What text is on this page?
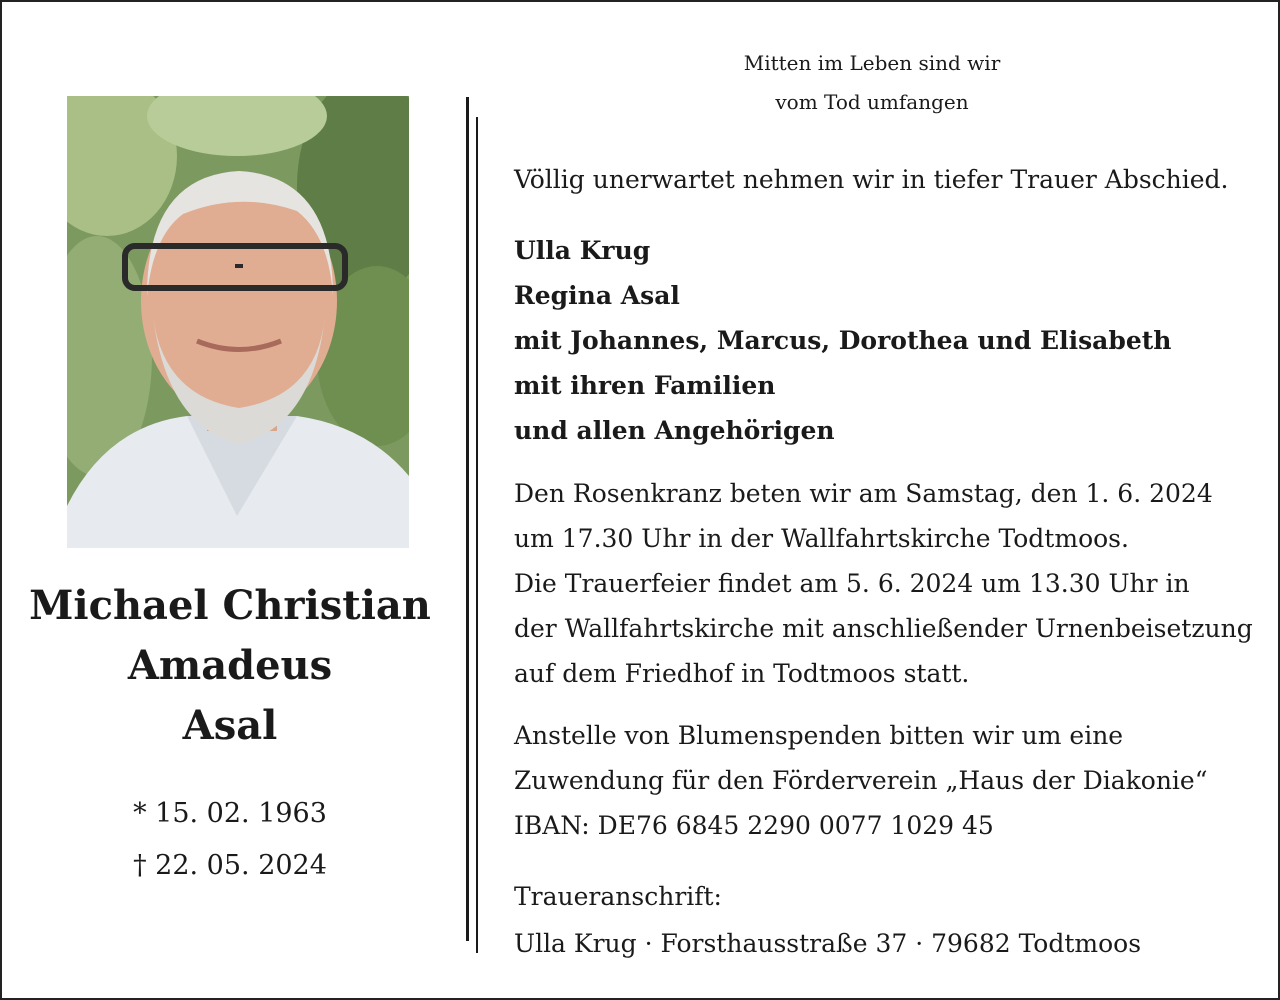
Michael Christian
Amadeus
Asal
* 15. 02. 1963
† 22. 05. 2024
Mitten im Leben sind wir
vom Tod umfangen
Völlig unerwartet nehmen wir in tiefer Trauer Abschied.
Ulla Krug
Regina Asal
mit Johannes, Marcus, Dorothea und Elisabeth
mit ihren Familien
und allen Angehörigen
Den Rosenkranz beten wir am Samstag, den 1. 6. 2024
um 17.30 Uhr in der Wallfahrtskirche Todtmoos.
Die Trauerfeier findet am 5. 6. 2024 um 13.30 Uhr in
der Wallfahrtskirche mit anschließender Urnenbeisetzung
auf dem Friedhof in Todtmoos statt.
Anstelle von Blumenspenden bitten wir um eine
Zuwendung für den Förderverein „Haus der Diakonie“
IBAN: DE76 6845 2290 0077 1029 45
Traueranschrift:
Ulla Krug · Forsthausstraße 37 · 79682 Todtmoos
